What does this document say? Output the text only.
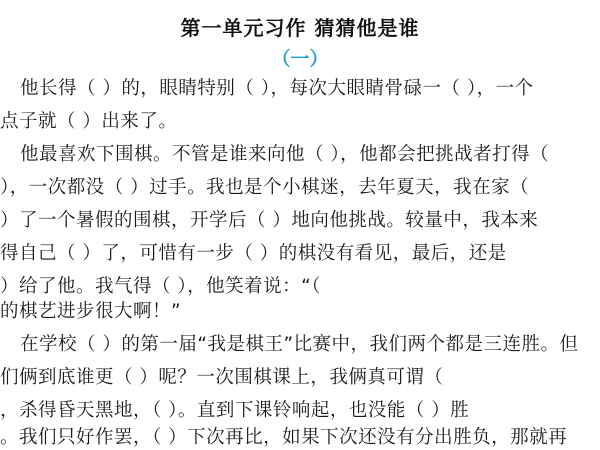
第一单元习作 猜猜他是谁
（一）
他长得（ ）的，眼睛特别（ ），每次大眼睛骨碌一（ ），一个
点子就（ ）出来了。
他最喜欢下围棋。不管是谁来向他（ ），他都会把挑战者打得（
），一次都没（ ）过手。我也是个小棋迷，去年夏天，我在家（
）了一个暑假的围棋，开学后（ ）地向他挑战。较量中，我本来
得自己（ ）了，可惜有一步（ ）的棋没有看见，最后，还是
）给了他。我气得（ ），他笑着说：“（
的棋艺进步很大啊！”
在学校（ ）的第一届“我是棋王”比赛中，我们两个都是三连胜。但
们俩到底谁更（ ）呢？一次围棋课上，我俩真可谓（
，杀得昏天黑地，（ ）。直到下课铃响起，也没能（ ）胜
。我们只好作罢，（ ）下次再比，如果下次还没有分出胜负，那就再
